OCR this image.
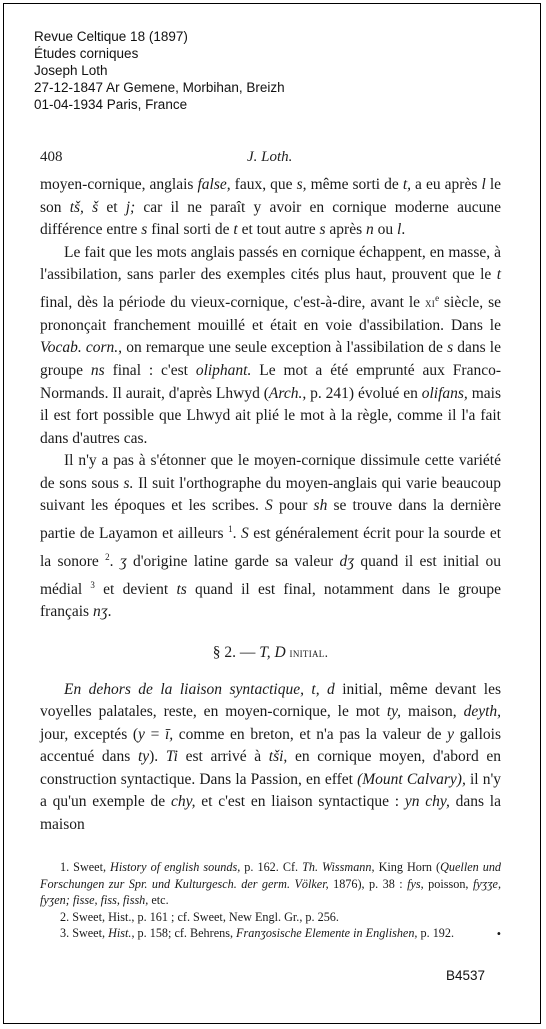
Revue Celtique 18 (1897)
Études corniques
Joseph Loth
27-12-1847 Ar Gemene, Morbihan, Breizh
01-04-1934 Paris, France
408	J. Loth.

moyen-cornique, anglais false, faux, que s, même sorti de t, a eu après l le son tš, š et j; car il ne paraît y avoir en cornique moderne aucune différence entre s final sorti de t et tout autre s après n ou l.

Le fait que les mots anglais passés en cornique échappent, en masse, à l'assibilation, sans parler des exemples cités plus haut, prouvent que le t final, dès la période du vieux-cornique, c'est-à-dire, avant le $xi^e$ siècle, se prononçait franchement mouillé et était en voie d'assibilation. Dans le Vocab. corn., on remarque une seule exception à l'assibilation de s dans le groupe ns final : c'est oliphant. Le mot a été emprunté aux Franco-Normands. Il aurait, d'après Lhwyd (Arch., p. 241) évolué en olifans, mais il est fort possible que Lhwyd ait plié le mot à la règle, comme il l'a fait dans d'autres cas.

Il n'y a pas à s'étonner que le moyen-cornique dissimule cette variété de sons sous s. Il suit l'orthographe du moyen-anglais qui varie beaucoup suivant les époques et les scribes. S pour sh se trouve dans la dernière partie de Layamon et ailleurs $^1$. S est généralement écrit pour la sourde et la sonore $^2$. ʒ d'origine latine garde sa valeur dʒ quand il est initial ou médial $^3$ et devient ts quand il est final, notamment dans le groupe français nʒ.

§ 2. — T, D initial.

En dehors de la liaison syntactique, t, d initial, même devant les voyelles palatales, reste, en moyen-cornique, le mot ty, maison, deyth, jour, exceptés (y = ī, comme en breton, et n'a pas la valeur de y gallois accentué dans ty). Ti est arrivé à tši, en cornique moyen, d'abord en construction syntactique. Dans la Passion, en effet (Mount Calvary), il n'y a qu'un exemple de chy, et c'est en liaison syntactique : yn chy, dans la maison

1. Sweet, History of english sounds, p. 162. Cf. Th. Wissmann, King Horn (Quellen und Forschungen zur Spr. und Kulturgesch. der germ. Völker, 1876), p. 38 : fys, poisson, fyʒʒe, fyʒen; fisse, fiss, fissh, etc.

2. Sweet, Hist., p. 161 ; cf. Sweet, New Engl. Gr., p. 256.

3. Sweet, Hist., p. 158; cf. Behrens, Franʒosische Elemente in Englishen, p. 192.	•

B4537
